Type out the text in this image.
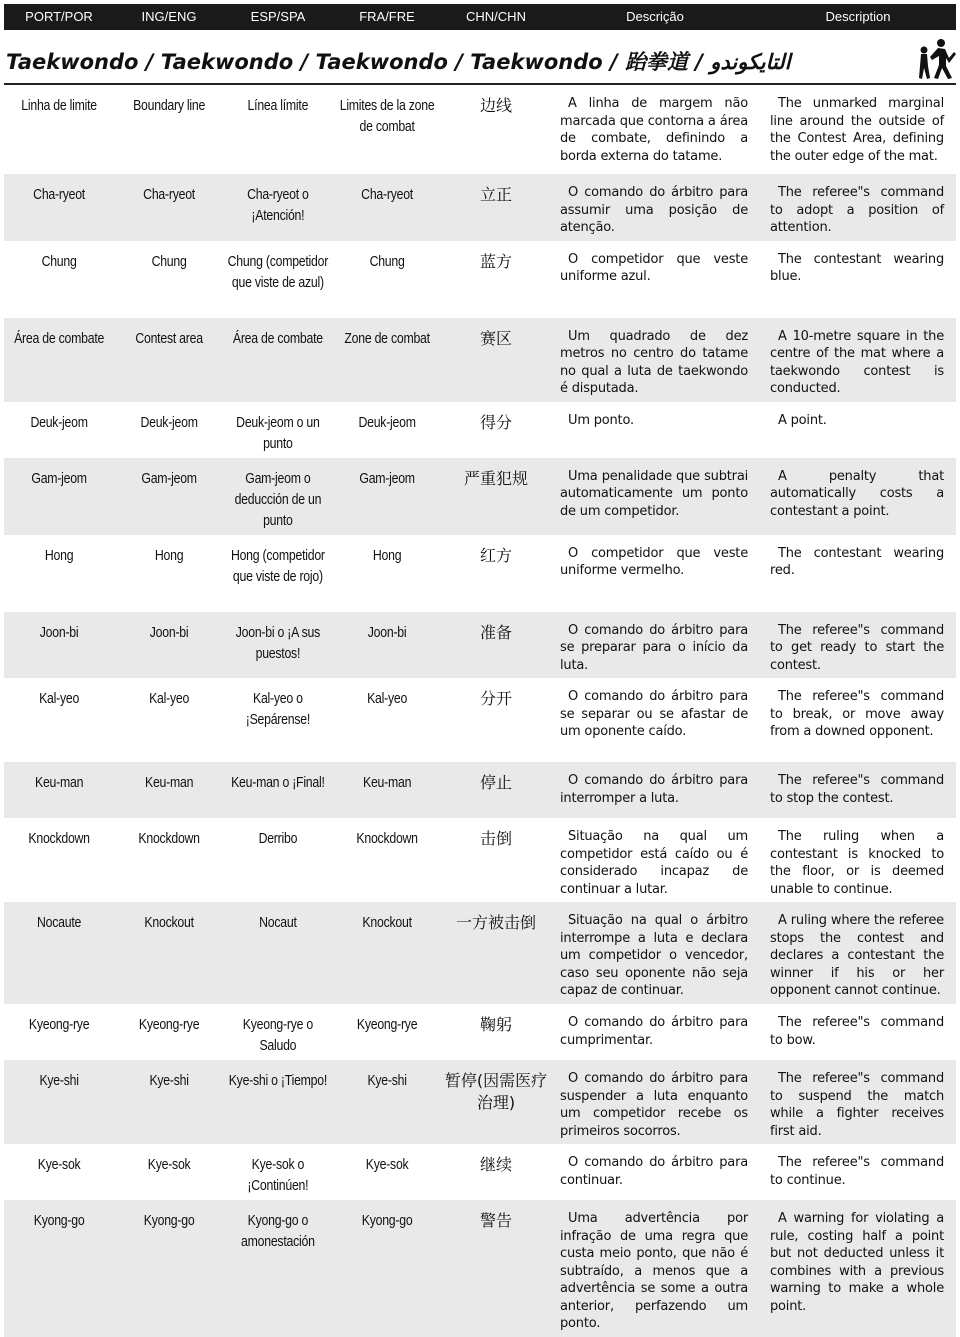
PORT/POR	ING/ENG	ESP/SPA	FRA/FRE	CHN/CHN	Descrição	Description
Taekwondo / Taekwondo / Taekwondo / Taekwondo / 跆拳道 / التايكوندو
Linha de limite	Boundary line	Línea límite	Limites de la zone de combat	边线	A linha de margem não marcada que contorna a área de combate, definindo a borda externa do tatame.	The unmarked marginal line around the outside of the Contest Area, defining the outer edge of the mat.

Cha-ryeot	Cha-ryeot	Cha-ryeot o ¡Atención!	Cha-ryeot	立正	O comando do árbitro para assumir uma posição de atenção.	The referee"s command to adopt a position of attention.

Chung	Chung	Chung (competidor que viste de azul)	Chung	蓝方	O competidor que veste uniforme azul.	The contestant wearing blue.

Área de combate	Contest area	Área de combate	Zone de combat	赛区	Um quadrado de dez metros no centro do tatame no qual a luta de taekwondo é disputada.	A 10-metre square in the centre of the mat where a taekwondo contest is conducted.

Deuk-jeom	Deuk-jeom	Deuk-jeom o un punto	Deuk-jeom	得分	Um ponto.	A point.

Gam-jeom	Gam-jeom	Gam-jeom o deducción de un punto	Gam-jeom	严重犯规	Uma penalidade que subtrai automaticamente um ponto de um competidor.	A penalty that automatically costs a contestant a point.

Hong	Hong	Hong (competidor que viste de rojo)	Hong	红方	O competidor que veste uniforme vermelho.	The contestant wearing red.

Joon-bi	Joon-bi	Joon-bi o ¡A sus puestos!	Joon-bi	准备	O comando do árbitro para se preparar para o início da luta.	The referee"s command to get ready to start the contest.

Kal-yeo	Kal-yeo	Kal-yeo o ¡Sepárense!	Kal-yeo	分开	O comando do árbitro para se separar ou se afastar de um oponente caído.	The referee"s command to break, or move away from a downed opponent.

Keu-man	Keu-man	Keu-man o ¡Final!	Keu-man	停止	O comando do árbitro para interromper a luta.	The referee"s command to stop the contest.

Knockdown	Knockdown	Derribo	Knockdown	击倒	Situação na qual um competidor está caído ou é considerado incapaz de continuar a lutar.	The ruling when a contestant is knocked to the floor, or is deemed unable to continue.

Nocaute	Knockout	Nocaut	Knockout	一方被击倒	Situação na qual o árbitro interrompe a luta e declara um competidor o vencedor, caso seu oponente não seja capaz de continuar.	A ruling where the referee stops the contest and declares a contestant the winner if his or her opponent cannot continue.

Kyeong-rye	Kyeong-rye	Kyeong-rye o Saludo	Kyeong-rye	鞠躬	O comando do árbitro para cumprimentar.	The referee"s command to bow.

Kye-shi	Kye-shi	Kye-shi o ¡Tiempo!	Kye-shi	暂停(因需医疗治理)	O comando do árbitro para suspender a luta enquanto um competidor recebe os primeiros socorros.	The referee"s command to suspend the match while a fighter receives first aid.

Kye-sok	Kye-sok	Kye-sok o ¡Continúen!	Kye-sok	继续	O comando do árbitro para continuar.	The referee"s command to continue.

Kyong-go	Kyong-go	Kyong-go o amonestación	Kyong-go	警告	Uma advertência por infração de uma regra que custa meio ponto, que não é subtraído, a menos que a advertência se some a outra anterior, perfazendo um ponto.	A warning for violating a rule, costing half a point but not deducted unless it combines with a previous warning to make a whole point.
